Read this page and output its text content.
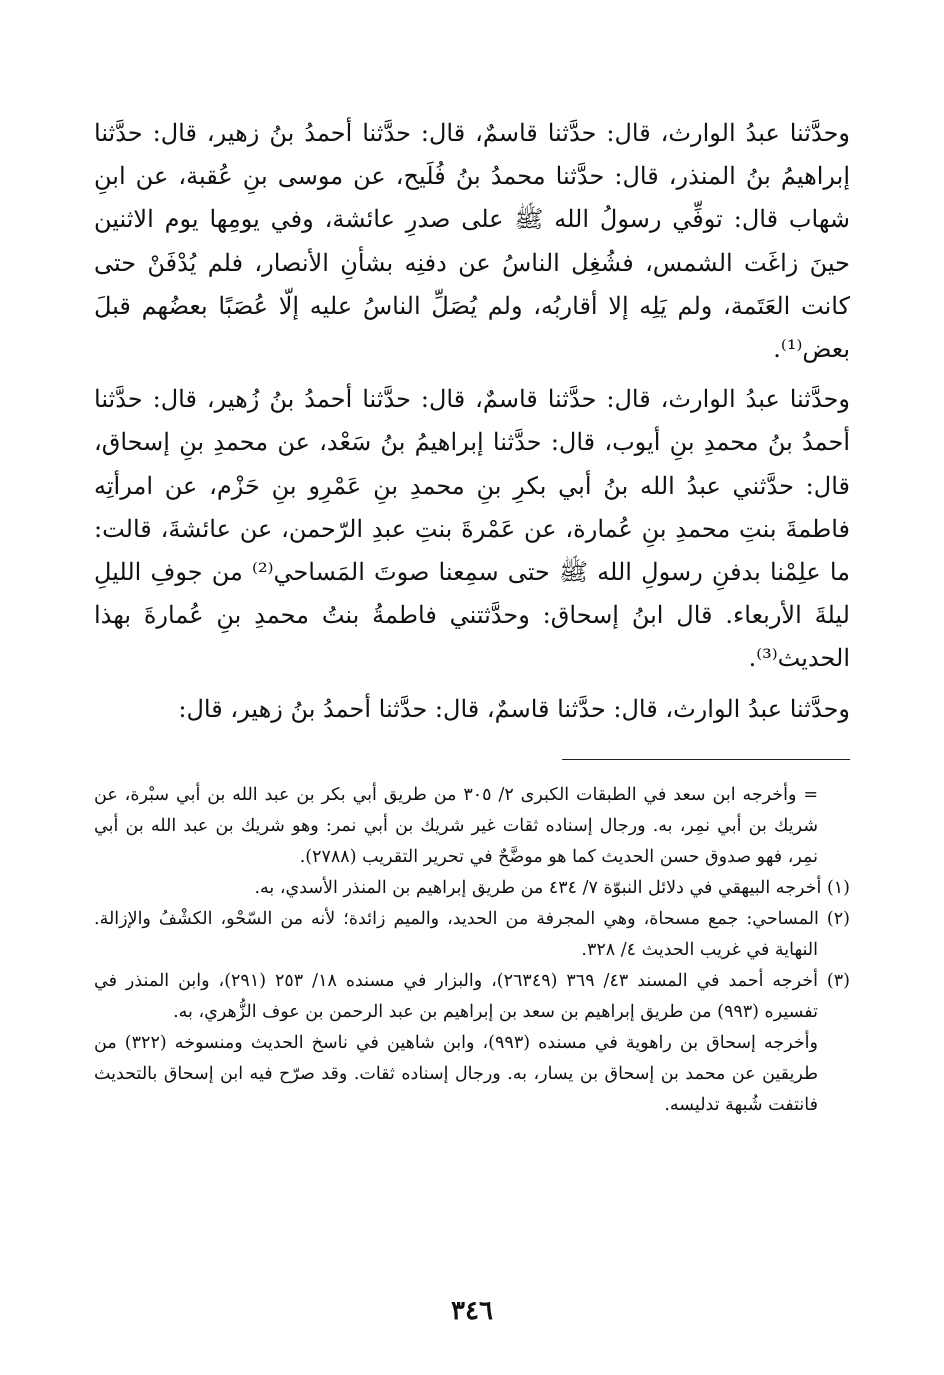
وحدَّثنا عبدُ الوارث، قال: حدَّثنا قاسمٌ، قال: حدَّثنا أحمدُ بنُ زهير، قال: حدَّثنا إبراهيمُ بنُ المنذر، قال: حدَّثنا محمدُ بنُ فُلَيح، عن موسى بنِ عُقبة، عن ابنِ شهاب قال: توفِّي رسولُ الله ﷺ على صدرِ عائشة، وفي يومِها يوم الاثنين حينَ زاغَت الشمس، فشُغِل الناسُ عن دفنِه بشأنِ الأنصار، فلم يُدْفَنْ حتى كانت العَتَمة، ولم يَلِه إلا أقاربُه، ولم يُصَلِّ الناسُ عليه إلّا عُصَبًا بعضُهم قبلَ بعض⁽¹⁾.

وحدَّثنا عبدُ الوارث، قال: حدَّثنا قاسمٌ، قال: حدَّثنا أحمدُ بنُ زُهير، قال: حدَّثنا أحمدُ بنُ محمدِ بنِ أيوب، قال: حدَّثنا إبراهيمُ بنُ سَعْد، عن محمدِ بنِ إسحاق، قال: حدَّثني عبدُ الله بنُ أبي بكرِ بنِ محمدِ بنِ عَمْرِو بنِ حَزْم، عن امرأتِه فاطمةَ بنتِ محمدِ بنِ عُمارة، عن عَمْرةَ بنتِ عبدِ الرّحمن، عن عائشةَ، قالت: ما علِمْنا بدفنِ رسولِ الله ﷺ حتى سمِعنا صوتَ المَساحي⁽²⁾ من جوفِ الليلِ ليلةَ الأربعاء. قال ابنُ إسحاق: وحدَّثتني فاطمةُ بنتُ محمدِ بنِ عُمارةَ بهذا الحديث⁽³⁾.

وحدَّثنا عبدُ الوارث، قال: حدَّثنا قاسمٌ، قال: حدَّثنا أحمدُ بنُ زهير، قال:

= وأخرجه ابن سعد في الطبقات الكبرى ٢/ ٣٠٥ من طريق أبي بكر بن عبد الله بن أبي سبْرة، عن شريك بن أبي نمِر، به. ورجال إسناده ثقات غير شريك بن أبي نمر: وهو شريك بن عبد الله بن أبي نمِر، فهو صدوق حسن الحديث كما هو موضَّحٌ في تحرير التقريب (٢٧٨٨).

(١) أخرجه البيهقي في دلائل النبوّة ٧/ ٤٣٤ من طريق إبراهيم بن المنذر الأسدي، به.

(٢) المساحي: جمع مسحاة، وهي المجرفة من الحديد، والميم زائدة؛ لأنه من السّحْو، الكشْفُ والإزالة. النهاية في غريب الحديث ٤/ ٣٢٨.

(٣) أخرجه أحمد في المسند ٤٣/ ٣٦٩ (٢٦٣٤٩)، والبزار في مسنده ١٨/ ٢٥٣ (٢٩١)، وابن المنذر في تفسيره (٩٩٣) من طريق إبراهيم بن سعد بن إبراهيم بن عبد الرحمن بن عوف الزُّهري، به.

وأخرجه إسحاق بن راهوية في مسنده (٩٩٣)، وابن شاهين في ناسخ الحديث ومنسوخه (٣٢٢) من طريقين عن محمد بن إسحاق بن يسار، به. ورجال إسناده ثقات. وقد صرّح فيه ابن إسحاق بالتحديث فانتفت شُبهة تدليسه.

٣٤٦
